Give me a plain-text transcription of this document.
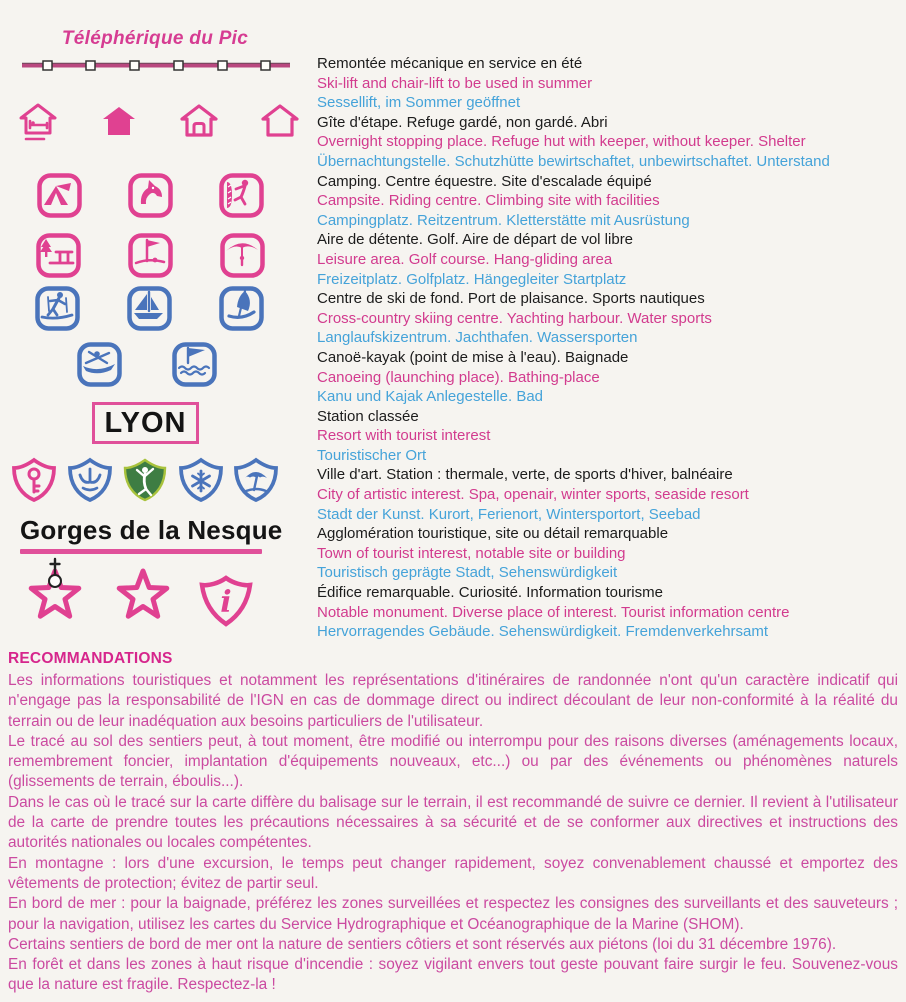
Téléphérique du Pic
LYON
Gorges de la Nesque
i
Remontée mécanique en service en été
Ski-lift and chair-lift to be used in summer
Sessellift, im Sommer geöffnet
Gîte d'étape. Refuge gardé, non gardé. Abri
Overnight stopping place. Refuge hut with keeper, without keeper. Shelter
Übernachtungstelle. Schutzhütte bewirtschaftet, unbewirtschaftet. Unterstand
Camping. Centre équestre. Site d'escalade équipé
Campsite. Riding centre. Climbing site with facilities
Campingplatz. Reitzentrum. Kletterstätte mit Ausrüstung
Aire de détente. Golf. Aire de départ de vol libre
Leisure area. Golf course. Hang-gliding area
Freizeitplatz. Golfplatz. Hängegleiter Startplatz
Centre de ski de fond. Port de plaisance. Sports nautiques
Cross-country skiing centre. Yachting harbour. Water sports
Langlaufskizentrum. Jachthafen. Wassersporten
Canoë-kayak (point de mise à l'eau). Baignade
Canoeing (launching place). Bathing-place
Kanu und Kajak Anlegestelle. Bad
Station classée
Resort with tourist interest
Touristischer Ort
Ville d'art. Station : thermale, verte, de sports d'hiver, balnéaire
City of artistic interest. Spa, openair, winter sports, seaside resort
Stadt der Kunst. Kurort, Ferienort, Wintersportort, Seebad
Agglomération touristique, site ou détail remarquable
Town of tourist interest, notable site or building
Touristisch geprägte Stadt, Sehenswürdigkeit
Édifice remarquable. Curiosité. Information tourisme
Notable monument. Diverse place of interest. Tourist information centre
Hervorragendes Gebäude. Sehenswürdigkeit. Fremdenverkehrsamt
RECOMMANDATIONS

Les informations touristiques et notamment les représentations d'itinéraires de randonnée n'ont qu'un caractère indicatif qui n'engage pas la responsabilité de l'IGN en cas de dommage direct ou indirect découlant de leur non-conformité à la réalité du terrain ou de leur inadéquation aux besoins particuliers de l'utilisateur.

Le tracé au sol des sentiers peut, à tout moment, être modifié ou interrompu pour des raisons diverses (aménagements locaux, remembrement foncier, implantation d'équipements nouveaux, etc...) ou par des événements ou phénomènes naturels (glissements de terrain, éboulis...).

Dans le cas où le tracé sur la carte diffère du balisage sur le terrain, il est recommandé de suivre ce dernier. Il revient à l'utilisateur de la carte de prendre toutes les précautions nécessaires à sa sécurité et de se conformer aux directives et instructions des autorités nationales ou locales compétentes.

En montagne : lors d'une excursion, le temps peut changer rapidement, soyez convenablement chaussé et emportez des vêtements de protection; évitez de partir seul.

En bord de mer : pour la baignade, préférez les zones surveillées et respectez les consignes des surveillants et des sauveteurs ; pour la navigation, utilisez les cartes du Service Hydrographique et Océanographique de la Marine (SHOM).

Certains sentiers de bord de mer ont la nature de sentiers côtiers et sont réservés aux piétons (loi du 31 décembre 1976).

En forêt et dans les zones à haut risque d'incendie : soyez vigilant envers tout geste pouvant faire surgir le feu. Souvenez-vous que la nature est fragile. Respectez-la !
